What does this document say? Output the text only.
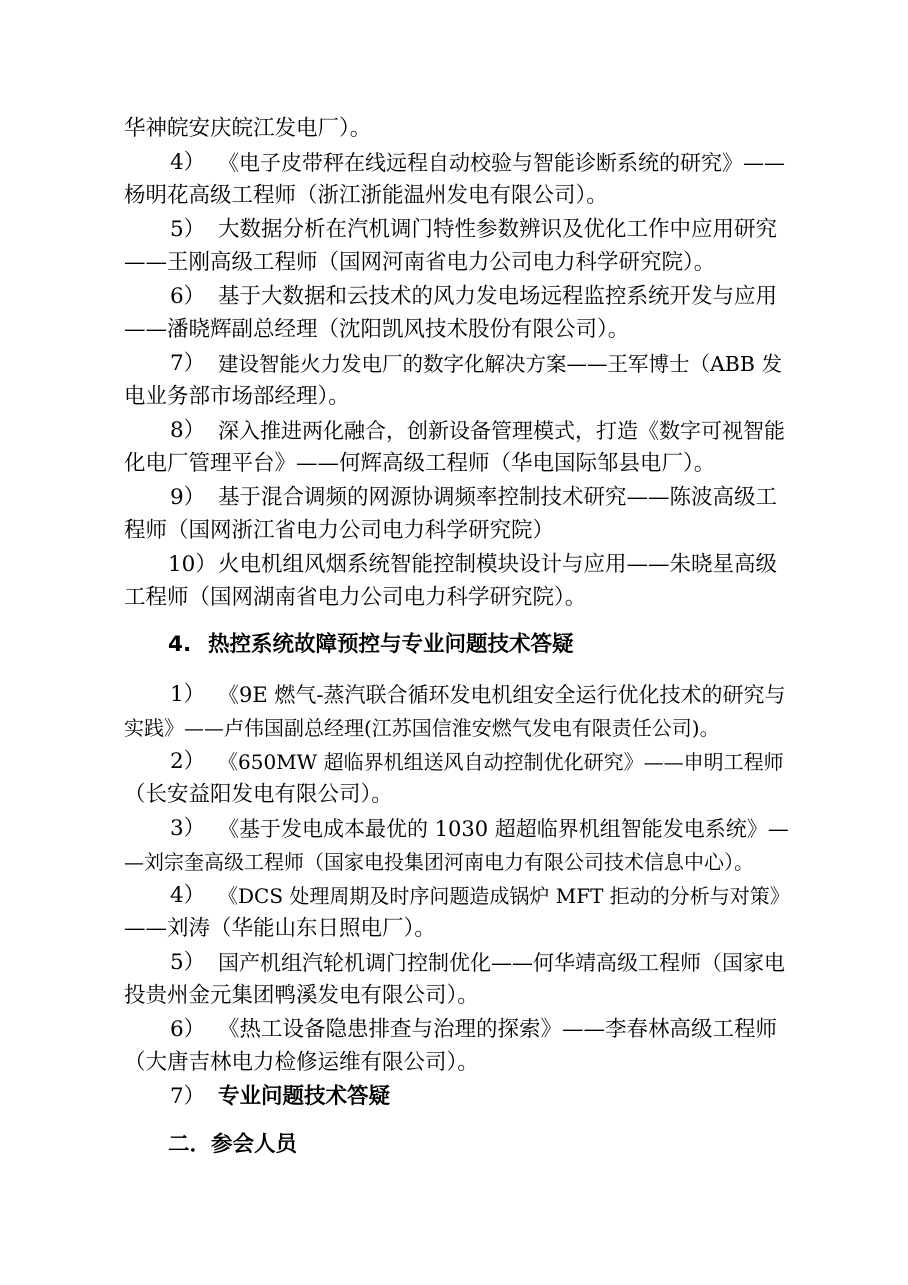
华神皖安庆皖江发电厂）。
4） 《电子皮带秤在线远程自动校验与智能诊断系统的研究》——
杨明花高级工程师（浙江浙能温州发电有限公司）。
5） 大数据分析在汽机调门特性参数辨识及优化工作中应用研究
——王刚高级工程师（国网河南省电力公司电力科学研究院）。
6） 基于大数据和云技术的风力发电场远程监控系统开发与应用
——潘晓辉副总经理（沈阳凯风技术股份有限公司）。
7） 建设智能火力发电厂的数字化解决方案——王军博士（ABB 发
电业务部市场部经理）。
8） 深入推进两化融合，创新设备管理模式，打造《数字可视智能
化电厂管理平台》——何辉高级工程师（华电国际邹县电厂）。
9） 基于混合调频的网源协调频率控制技术研究——陈波高级工
程师（国网浙江省电力公司电力科学研究院）
10） 火电机组风烟系统智能控制模块设计与应用——朱晓星高级
工程师（国网湖南省电力公司电力科学研究院）。
4. 热控系统故障预控与专业问题技术答疑
1） 《9E 燃气-蒸汽联合循环发电机组安全运行优化技术的研究与
实践》——卢伟国副总经理(江苏国信淮安燃气发电有限责任公司)。
2） 《650MW 超临界机组送风自动控制优化研究》——申明工程师
（长安益阳发电有限公司）。
3） 《基于发电成本最优的 1030 超超临界机组智能发电系统》—
—刘宗奎高级工程师（国家电投集团河南电力有限公司技术信息中心）。
4） 《DCS 处理周期及时序问题造成锅炉 MFT 拒动的分析与对策》
——刘涛（华能山东日照电厂）。
5） 国产机组汽轮机调门控制优化——何华靖高级工程师（国家电
投贵州金元集团鸭溪发电有限公司）。
6） 《热工设备隐患排查与治理的探索》——李春林高级工程师
（大唐吉林电力检修运维有限公司）。
7） 专业问题技术答疑
二．参会人员
